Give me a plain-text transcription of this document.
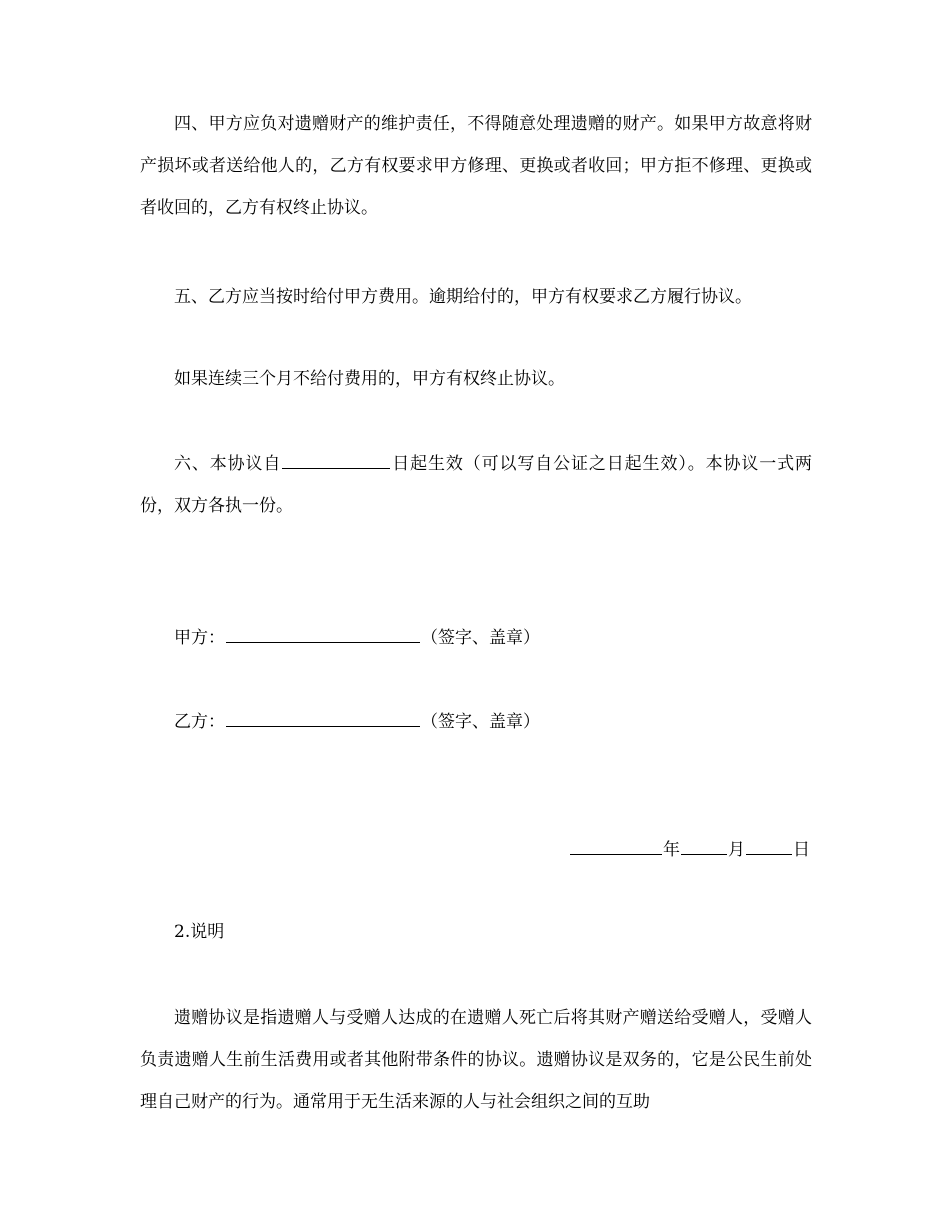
四、甲方应负对遗赠财产的维护责任，不得随意处理遗赠的财产。如果甲方故意将财产损坏或者送给他人的，乙方有权要求甲方修理、更换或者收回；甲方拒不修理、更换或者收回的，乙方有权终止协议。

五、乙方应当按时给付甲方费用。逾期给付的，甲方有权要求乙方履行协议。

如果连续三个月不给付费用的，甲方有权终止协议。

六、本协议自	日起生效（可以写自公证之日起生效）。本协议一式两份，双方各执一份。

甲方：	（签字、盖章）
乙方：	（签字、盖章）
年	月	日
2.说明

遗赠协议是指遗赠人与受赠人达成的在遗赠人死亡后将其财产赠送给受赠人，受赠人负责遗赠人生前生活费用或者其他附带条件的协议。遗赠协议是双务的，它是公民生前处理自己财产的行为。通常用于无生活来源的人与社会组织之间的互助
